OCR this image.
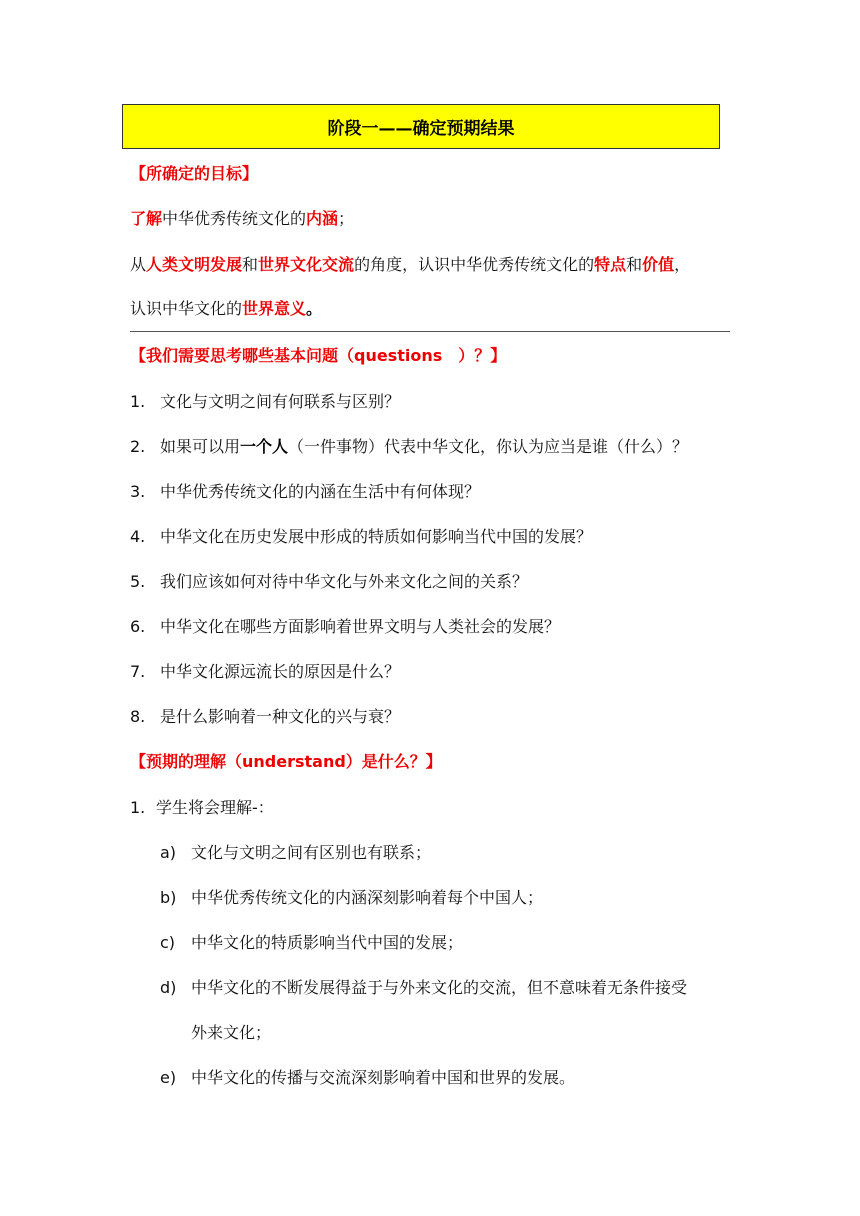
阶段一——确定预期结果
【所确定的目标】
了解中华优秀传统文化的内涵；
从人类文明发展和世界文化交流的角度，认识中华优秀传统文化的特点和价值，
认识中华文化的世界意义。
【我们需要思考哪些基本问题（questions　）？】
1. 文化与文明之间有何联系与区别？
2. 如果可以用一个人（一件事物）代表中华文化，你认为应当是谁（什么）？
3. 中华优秀传统文化的内涵在生活中有何体现？
4. 中华文化在历史发展中形成的特质如何影响当代中国的发展？
5. 我们应该如何对待中华文化与外来文化之间的关系？
6. 中华文化在哪些方面影响着世界文明与人类社会的发展？
7. 中华文化源远流长的原因是什么？
8. 是什么影响着一种文化的兴与衰？
【预期的理解（understand）是什么？】
1. 学生将会理解-：
a) 文化与文明之间有区别也有联系；
b) 中华优秀传统文化的内涵深刻影响着每个中国人；
c) 中华文化的特质影响当代中国的发展；
d) 中华文化的不断发展得益于与外来文化的交流，但不意味着无条件接受
外来文化；
e) 中华文化的传播与交流深刻影响着中国和世界的发展。
